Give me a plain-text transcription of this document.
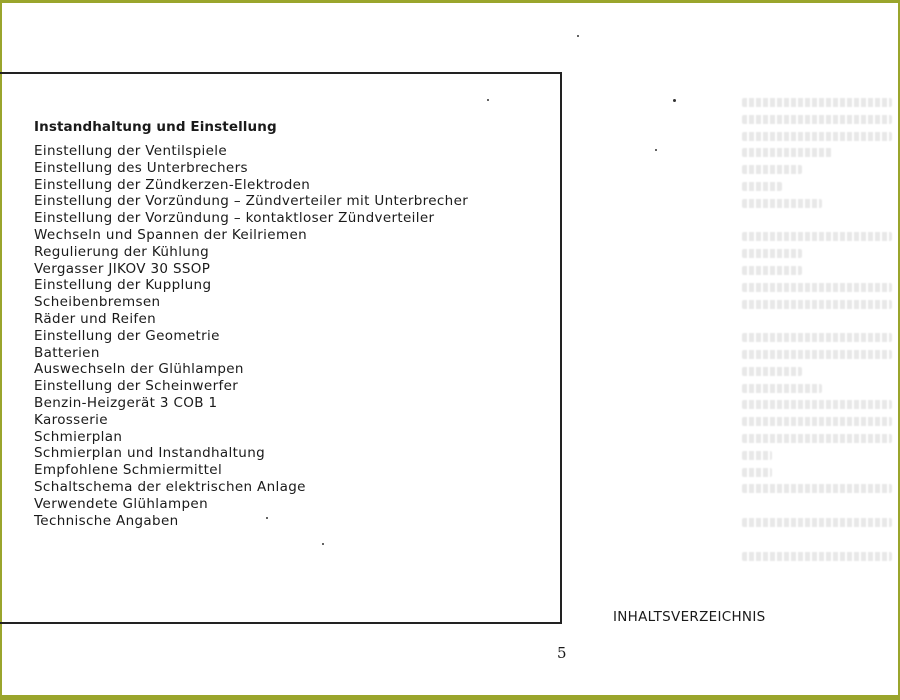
Instandhaltung und Einstellung
Einstellung der Ventilspiele
Einstellung des Unterbrechers
Einstellung der Zündkerzen-Elektroden
Einstellung der Vorzündung – Zündverteiler mit Unterbrecher
Einstellung der Vorzündung – kontaktloser Zündverteiler
Wechseln und Spannen der Keilriemen
Regulierung der Kühlung
Vergasser JIKOV 30 SSOP
Einstellung der Kupplung
Scheibenbremsen
Räder und Reifen
Einstellung der Geometrie
Batterien
Auswechseln der Glühlampen
Einstellung der Scheinwerfer
Benzin-Heizgerät 3 COB 1
Karosserie
Schmierplan
Schmierplan und Instandhaltung
Empfohlene Schmiermittel
Schaltschema der elektrischen Anlage
Verwendete Glühlampen
Technische Angaben
INHALTSVERZEICHNIS
5
